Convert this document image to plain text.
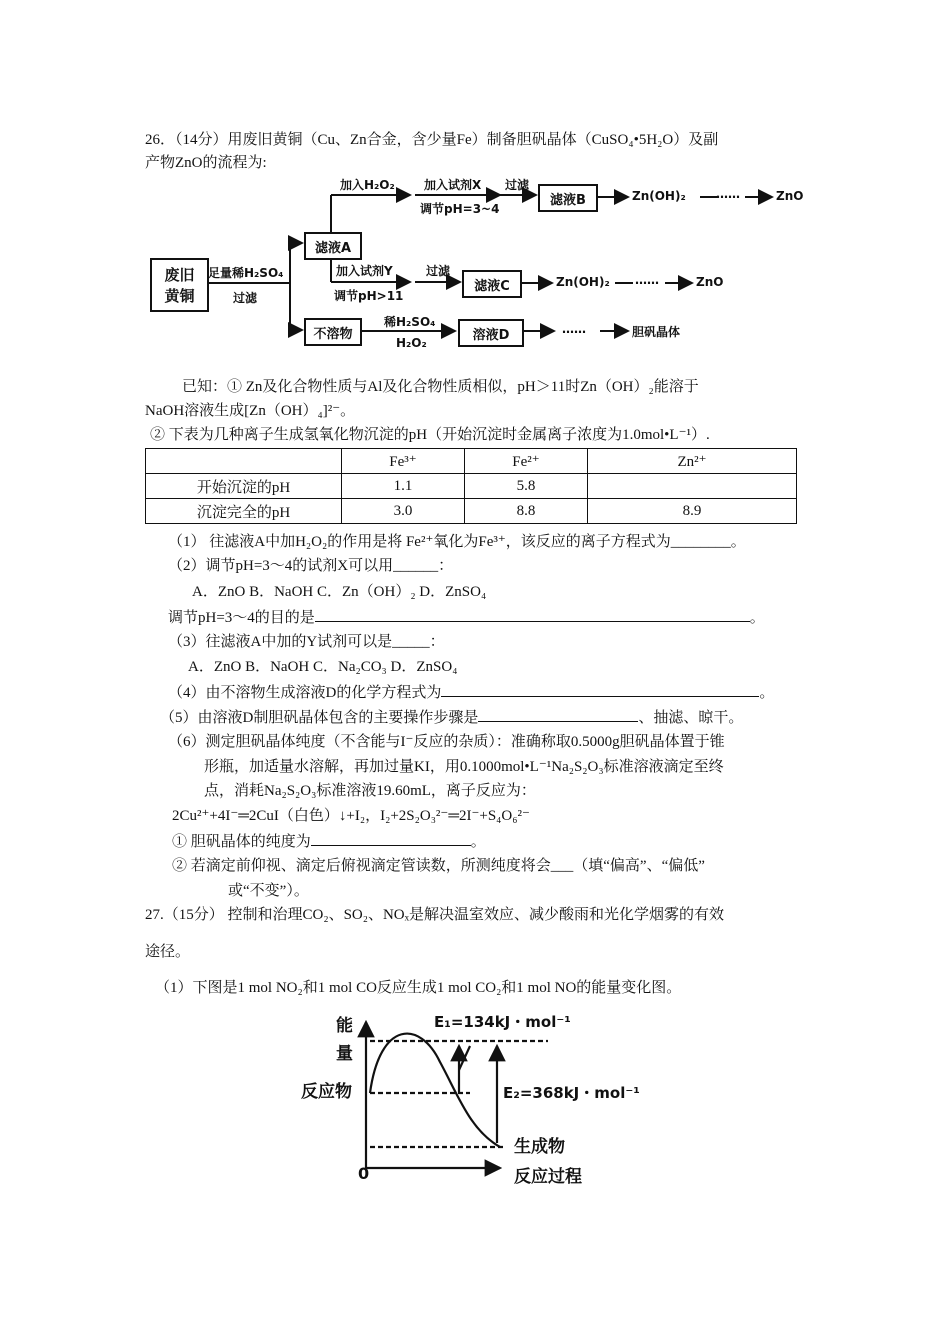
26．（14分）用废旧黄铜（Cu、Zn合金，含少量Fe）制备胆矾晶体（CuSO₄•5H₂O）及副
产物ZnO的流程为:
废旧
黄铜
足量稀H₂SO₄
过滤
滤液A
不溶物
滤液B
滤液C
溶液D
加入H₂O₂ 加入试剂X
调节pH=3~4
过滤
Zn(OH)₂	……	ZnO
加入试剂Y
调节pH>11
过滤
Zn(OH)₂ ……	ZnO
稀H₂SO₄
H₂O₂
……	胆矾晶体
已知：① Zn及化合物性质与Al及化合物性质相似，pH＞11时Zn（OH）₂能溶于
NaOH溶液生成[Zn（OH）₄]²⁻。
② 下表为几种离子生成氢氧化物沉淀的pH（开始沉淀时金属离子浓度为1.0mol•L⁻¹）.
	Fe³⁺	Fe²⁺	Zn²⁺
开始沉淀的pH	1.1	5.8	
沉淀完全的pH	3.0	8.8	8.9
（1） 往滤液A中加H₂O₂的作用是将 Fe²⁺氧化为Fe³⁺，该反应的离子方程式为________。
（2）调节pH=3～4的试剂X可以用______：
A．ZnO B．NaOH C．Zn（OH）₂ D．ZnSO₄
调节pH=3～4的目的是	。
（3）往滤液A中加的Y试剂可以是_____：
A．ZnO B．NaOH C．Na₂CO₃ D．ZnSO₄
（4）由不溶物生成溶液D的化学方程式为	。
（5）由溶液D制胆矾晶体包含的主要操作步骤是	、抽滤、晾干。
（6）测定胆矾晶体纯度（不含能与I⁻反应的杂质）：准确称取0.5000g胆矾晶体置于锥
形瓶，加适量水溶解，再加过量KI，用0.1000mol•L⁻¹Na₂S₂O₃标准溶液滴定至终
点，消耗Na₂S₂O₃标准溶液19.60mL，离子反应为：
2Cu²⁺+4I⁻═2CuI（白色）↓+I₂，I₂+2S₂O₃²⁻═2I⁻+S₄O₆²⁻
① 胆矾晶体的纯度为	。
② 若滴定前仰视、滴定后俯视滴定管读数，所测纯度将会___（填“偏高”、“偏低”
或“不变”）。
27.（15分） 控制和治理CO₂、SO₂、NOₓ是解决温室效应、减少酸雨和光化学烟雾的有效
途径。
（1）下图是1 mol NO₂和1 mol CO反应生成1 mol CO₂和1 mol NO的能量变化图。
能
量
反应物
生成物
0	反应过程
E₁=134kJ・mol⁻¹
E₂=368kJ・mol⁻¹
